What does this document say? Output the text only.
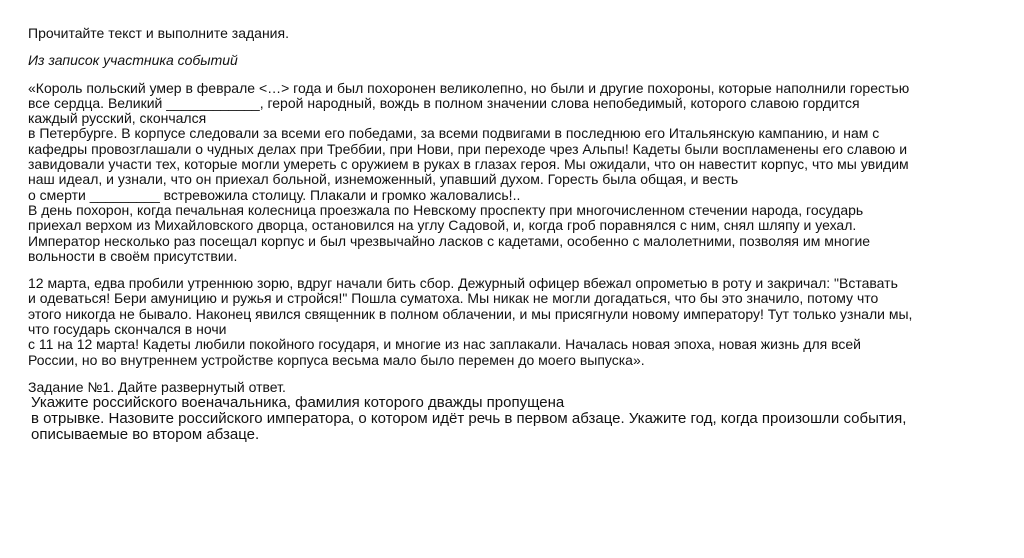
Прочитайте текст и выполните задания.

Из записок участника событий

«Король польский умер в феврале <…> года и был похоронен великолепно, но были и другие похороны, которые наполнили горестью
все сердца. Великий ____________, герой народный, вождь в полном значении слова непобедимый, которого славою гордится
каждый русский, скончался
в Петербурге. В корпусе следовали за всеми его победами, за всеми подвигами в последнюю его Итальянскую кампанию, и нам с
кафедры провозглашали о чудных делах при Треббии, при Нови, при переходе чрез Альпы! Кадеты были воспламенены его славою и
завидовали участи тех, которые могли умереть с оружием в руках в глазах героя. Мы ожидали, что он навестит корпус, что мы увидим
наш идеал, и узнали, что он приехал больной, изнеможенный, упавший духом. Горесть была общая, и весть
о смерти _________ встревожила столицу. Плакали и громко жаловались!..
В день похорон, когда печальная колесница проезжала по Невскому проспекту при многочисленном стечении народа, государь
приехал верхом из Михайловского дворца, остановился на углу Садовой, и, когда гроб поравнялся с ним, снял шляпу и уехал.
Император несколько раз посещал корпус и был чрезвычайно ласков с кадетами, особенно с малолетними, позволяя им многие
вольности в своём присутствии.
12 марта, едва пробили утреннюю зорю, вдруг начали бить сбор. Дежурный офицер вбежал опрометью в роту и закричал: "Вставать
и одеваться! Бери амуницию и ружья и стройся!" Пошла суматоха. Мы никак не могли догадаться, что бы это значило, потому что
этого никогда не бывало. Наконец явился священник в полном облачении, и мы присягнули новому императору! Тут только узнали мы,
что государь скончался в ночи
с 11 на 12 марта! Кадеты любили покойного государя, и многие из нас заплакали. Началась новая эпоха, новая жизнь для всей
России, но во внутреннем устройстве корпуса весьма мало было перемен до моего выпуска».

Задание №1. Дайте развернутый ответ.

Укажите российского военачальника, фамилия которого дважды пропущена
в отрывке. Назовите российского императора, о котором идёт речь в первом абзаце. Укажите год, когда произошли события,
описываемые во втором абзаце.
